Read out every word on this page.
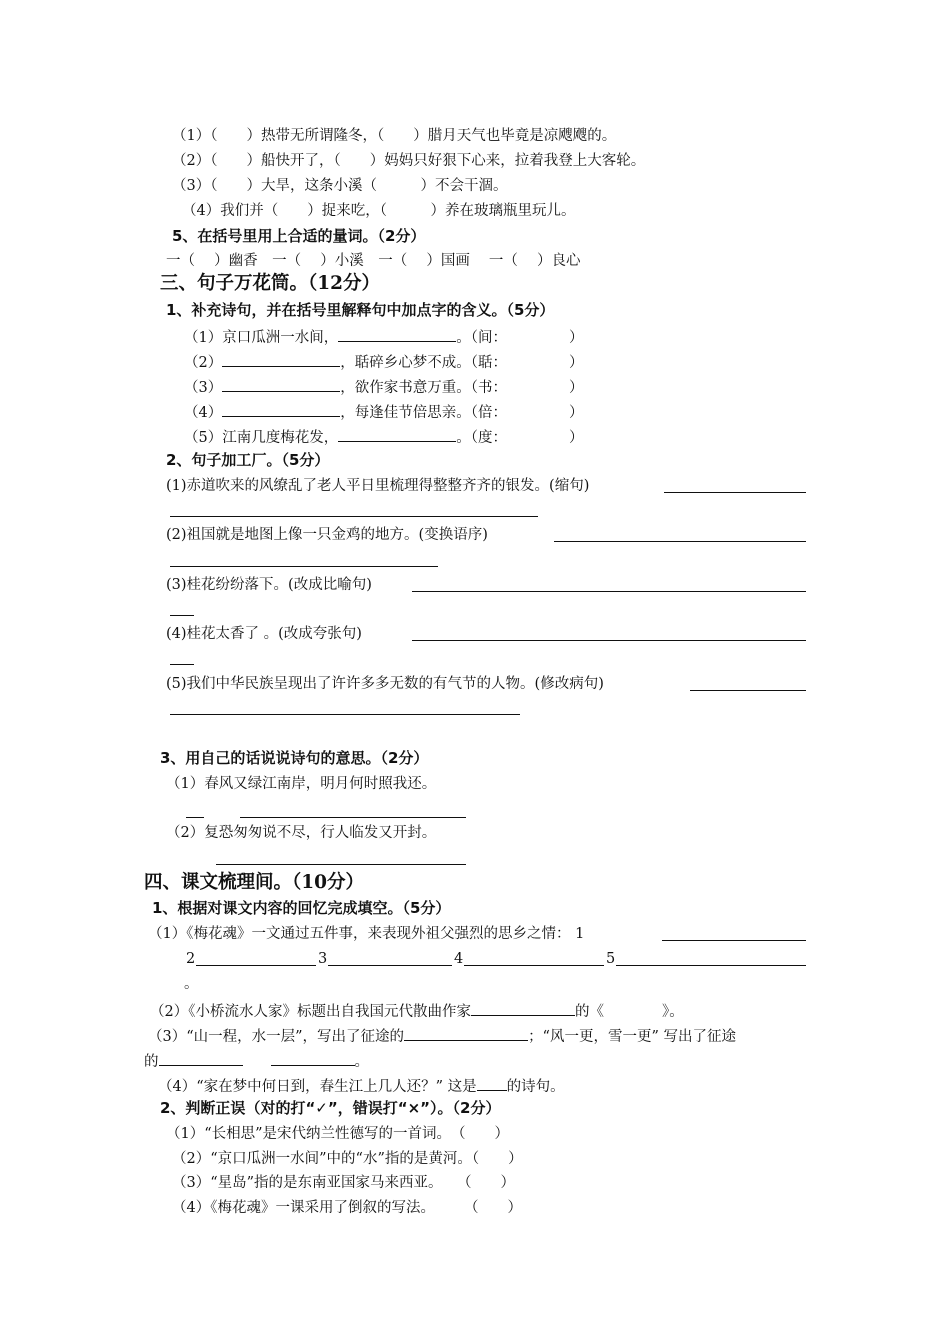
（1）（　　）热带无所谓隆冬，（　　）腊月天气也毕竟是凉飕飕的。
（2）（　　）船快开了，（　　）妈妈只好狠下心来，拉着我登上大客轮。
（3）（　　）大旱，这条小溪（　　　）不会干涸。
（4）我们并（　　）捉来吃，（　　　）养在玻璃瓶里玩儿。
5、在括号里用上合适的量词。（2分）
一（　 ）幽香　一（　 ）小溪　一（　 ）国画　 一（　 ）良心
三、句子万花筒。（12分）
1、补充诗句，并在括号里解释句中加点字的含义。（5分）
（1）京口瓜洲一水间，	。（间：	）
（2）	，聒碎乡心梦不成。（聒：	）
（3）	，欲作家书意万重。（书：	）
（4）	，每逢佳节倍思亲。（倍：	）
（5）江南几度梅花发，	。（度：	）
2、句子加工厂。（5分）
(1)赤道吹来的风缭乱了老人平日里梳理得整整齐齐的银发。(缩句)
(2)祖国就是地图上像一只金鸡的地方。(变换语序)
(3)桂花纷纷落下。(改成比喻句)
(4)桂花太香了 。(改成夸张句)
(5)我们中华民族呈现出了许许多多无数的有气节的人物。(修改病句)
3、用自己的话说说诗句的意思。（2分）
（1）春风又绿江南岸，明月何时照我还。
（2）复恐匆匆说不尽，行人临发又开封。
四、课文梳理间。（10分）
1、根据对课文内容的回忆完成填空。（5分）
（1）《梅花魂》一文通过五件事，来表现外祖父强烈的思乡之情： 1
2	3	4	5
。
（2）《小桥流水人家》标题出自我国元代散曲作家	的《	》。
（3）“山一程，水一层”，写出了征途的	；“风一更，雪一更” 写出了征途
的	。
（4）“家在梦中何日到，春生江上几人还？” 这是 的诗句。
2、判断正误（对的打“✓”，错误打“×”）。（2分）
（1）“长相思”是宋代纳兰性德写的一首词。　（　　）
（2）“京口瓜洲一水间”中的“水”指的是黄河。（　　）
（3）“星岛”指的是东南亚国家马来西亚。　　（　　）
（4）《梅花魂》一课采用了倒叙的写法。　　　（　　）
